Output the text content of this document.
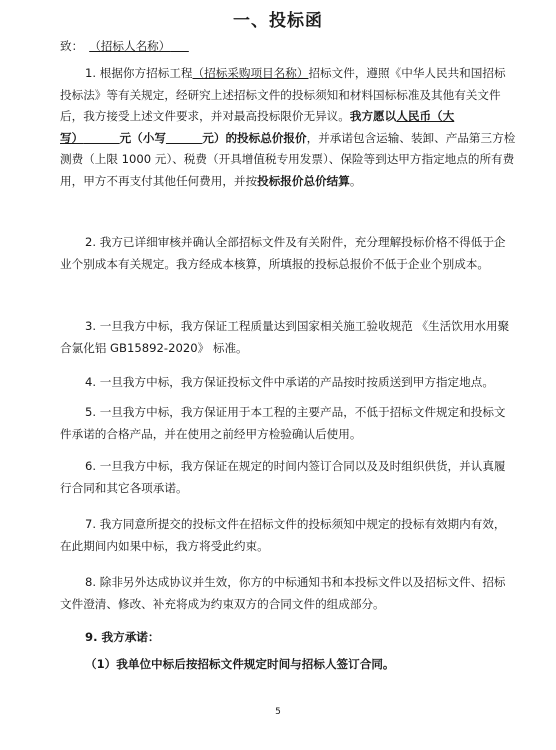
一、投标函
致： （招标人名称）
1. 根据你方招标工程（招标采购项目名称）招标文件，遵照《中华人民共和国招标投标法》等有关规定，经研究上述招标文件的投标须知和材料国标标准及其他有关文件后，我方接受上述文件要求，并对最高投标限价无异议。我方愿以人民币（大写）	元（小写	元）的投标总价报价，并承诺包含运输、装卸、产品第三方检测费（上限 1000 元）、税费（开具增值税专用发票）、保险等到达甲方指定地点的所有费用，甲方不再支付其他任何费用，并按投标报价总价结算。
2. 我方已详细审核并确认全部招标文件及有关附件，充分理解投标价格不得低于企业个别成本有关规定。我方经成本核算，所填报的投标总报价不低于企业个别成本。
3. 一旦我方中标，我方保证工程质量达到国家相关施工验收规范 《生活饮用水用聚合氯化铝 GB15892-2020》 标准。
4. 一旦我方中标，我方保证投标文件中承诺的产品按时按质送到甲方指定地点。
5. 一旦我方中标，我方保证用于本工程的主要产品，不低于招标文件规定和投标文件承诺的合格产品，并在使用之前经甲方检验确认后使用。
6. 一旦我方中标，我方保证在规定的时间内签订合同以及及时组织供货，并认真履行合同和其它各项承诺。
7. 我方同意所提交的投标文件在招标文件的投标须知中规定的投标有效期内有效，在此期间内如果中标，我方将受此约束。
8. 除非另外达成协议并生效，你方的中标通知书和本投标文件以及招标文件、招标文件澄清、修改、补充将成为约束双方的合同文件的组成部分。
9. 我方承诺：
（1）我单位中标后按招标文件规定时间与招标人签订合同。
5
